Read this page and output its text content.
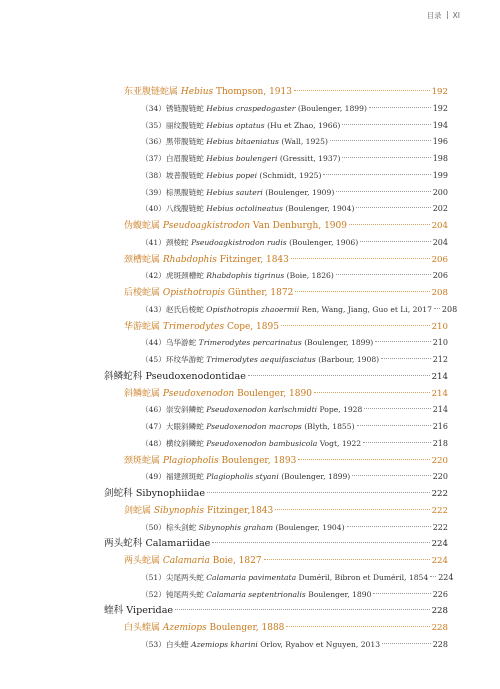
目录 XI
东亚腹链蛇属 Hebius Thompson, 1913	192
（34）锈链腹链蛇 Hebius craspedogaster (Boulenger, 1899)	192
（35）丽纹腹链蛇 Hebius optatus (Hu et Zhao, 1966)	194
（36）黑带腹链蛇 Hebius bitaeniatus (Wall, 1925)	196
（37）白眉腹链蛇 Hebius boulengeri (Gressitt, 1937)	198
（38）坡普腹链蛇 Hebius popei (Schmidt, 1925)	199
（39）棕黑腹链蛇 Hebius sauteri (Boulenger, 1909)	200
（40）八线腹链蛇 Hebius octolineatus (Boulenger, 1904)	202
伪蝮蛇属 Pseudoagkistrodon Van Denburgh, 1909	204
（41）颈棱蛇 Pseudoagkistrodon rudis (Boulenger, 1906)	204
颈槽蛇属 Rhabdophis Fitzinger, 1843	206
（42）虎斑颈槽蛇 Rhabdophis tigrinus (Boie, 1826)	206
后棱蛇属 Opisthotropis Günther, 1872	208
（43）赵氏后棱蛇 Opisthotropis zhaoermii Ren, Wang, Jiang, Guo et Li, 2017 208
华游蛇属 Trimerodytes Cope, 1895	210
（44）乌华游蛇 Trimerodytes percarinatus (Boulenger, 1899)	210
（45）环纹华游蛇 Trimerodytes aequifasciatus (Barbour, 1908)	212
斜鳞蛇科 Pseudoxenodontidae	214
斜鳞蛇属 Pseudoxenodon Boulenger, 1890	214
（46）崇安斜鳞蛇 Pseudoxenodon karlschmidti Pope, 1928	214
（47）大眼斜鳞蛇 Pseudoxenodon macrops (Blyth, 1855)	216
（48）横纹斜鳞蛇 Pseudoxenodon bambusicola Vogt, 1922	218
颈斑蛇属 Plagiopholis Boulenger, 1893	220
（49）福建颈斑蛇 Plagiopholis styani (Boulenger, 1899)	220
剑蛇科 Sibynophiidae	222
剑蛇属 Sibynophis Fitzinger,1843	222
（50）棕头剑蛇 Sibynophis graham (Boulenger, 1904)	222
两头蛇科 Calamariidae	224
两头蛇属 Calamaria Boie, 1827	224
（51）尖尾两头蛇 Calamaria pavimentata Duméril, Bibron et Duméril, 1854 224
（52）钝尾两头蛇 Calamaria septentrionalis Boulenger, 1890	226
蝰科 Viperidae	228
白头蝰属 Azemiops Boulenger, 1888	228
（53）白头蝰 Azemiops kharini Orlov, Ryabov et Nguyen, 2013	228
